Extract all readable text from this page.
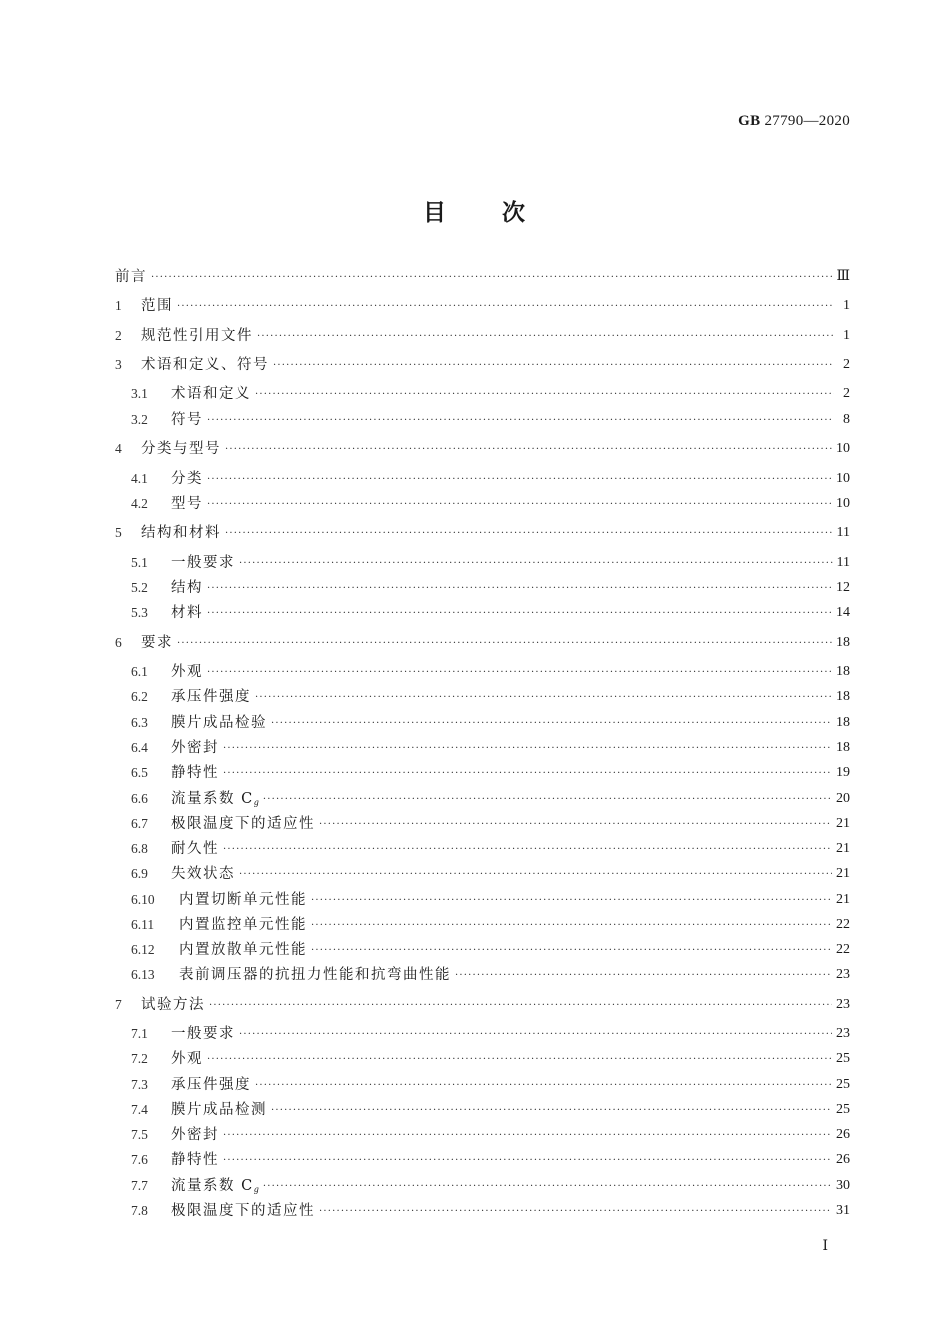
GB 27790—2020
目 次
前言 ·····	Ⅲ
1	范围 ·····	1
2	规范性引用文件 ·····	1
3	术语和定义、符号 ·····	2
3.1	术语和定义 ·····	2
3.2	符号 ·····	8
4	分类与型号 ·····	10
4.1	分类 ·····	10
4.2	型号 ·····	10
5	结构和材料 ·····	11
5.1	一般要求 ·····	11
5.2	结构 ·····	12
5.3	材料 ·····	14
6	要求 ·····	18
6.1	外观 ·····	18
6.2	承压件强度 ·····	18
6.3	膜片成品检验 ·····	18
6.4	外密封 ·····	18
6.5	静特性 ·····	19
6.6	流量系数 C g ·····	20
6.7	极限温度下的适应性 ·····	21
6.8	耐久性 ·····	21
6.9	失效状态 ·····	21
6.10	内置切断单元性能 ·····	21
6.11	内置监控单元性能 ·····	22
6.12	内置放散单元性能 ·····	22
6.13	表前调压器的抗扭力性能和抗弯曲性能 ·····	23
7	试验方法 ·····	23
7.1	一般要求 ·····	23
7.2	外观 ·····	25
7.3	承压件强度 ·····	25
7.4	膜片成品检测 ·····	25
7.5	外密封 ·····	26
7.6	静特性 ·····	26
7.7	流量系数 C g ·····	30
7.8	极限温度下的适应性 ·····	31
Ⅰ
